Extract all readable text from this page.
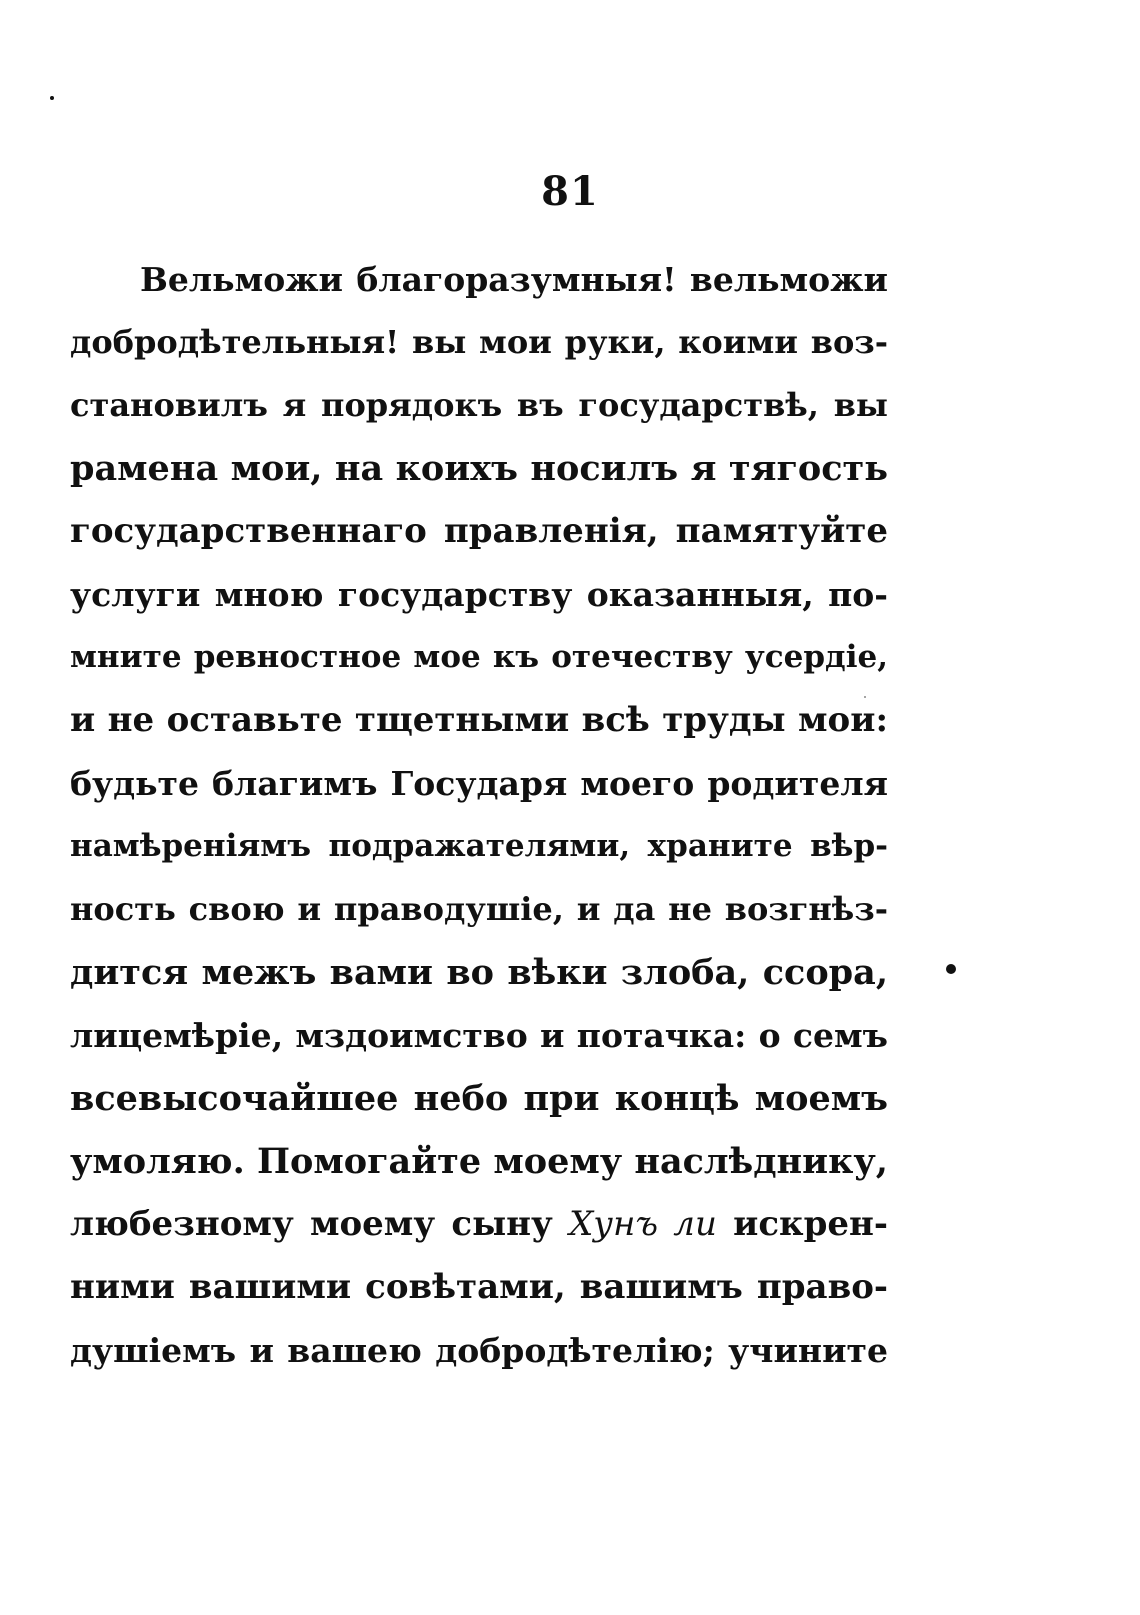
81
Вельможи благоразумныя! вельможи
добродѣтельныя! вы мои руки, коими воз-
становилъ я порядокъ въ государствѣ, вы
рамена мои, на коихъ носилъ я тягость
государственнаго правленія, памятуйте
услуги мною государству оказанныя, по-
мните ревностное мое къ отечеству усердіе,
и не оставьте тщетными всѣ труды мои:
будьте благимъ Государя моего родителя
намѣреніямъ подражателями, храните вѣр-
ность свою и праводушіе, и да не возгнѣз-
дится межъ вами во вѣки злоба, ссора,
лицемѣріе, мздоимство и потачка: о семъ
всевысочайшее небо при концѣ моемъ
умоляю. Помогайте моему наслѣднику,
любезному моему сыну Хунъ ли искрен-
ними вашими совѣтами, вашимъ право-
душіемъ и вашею добродѣтелію; учините
